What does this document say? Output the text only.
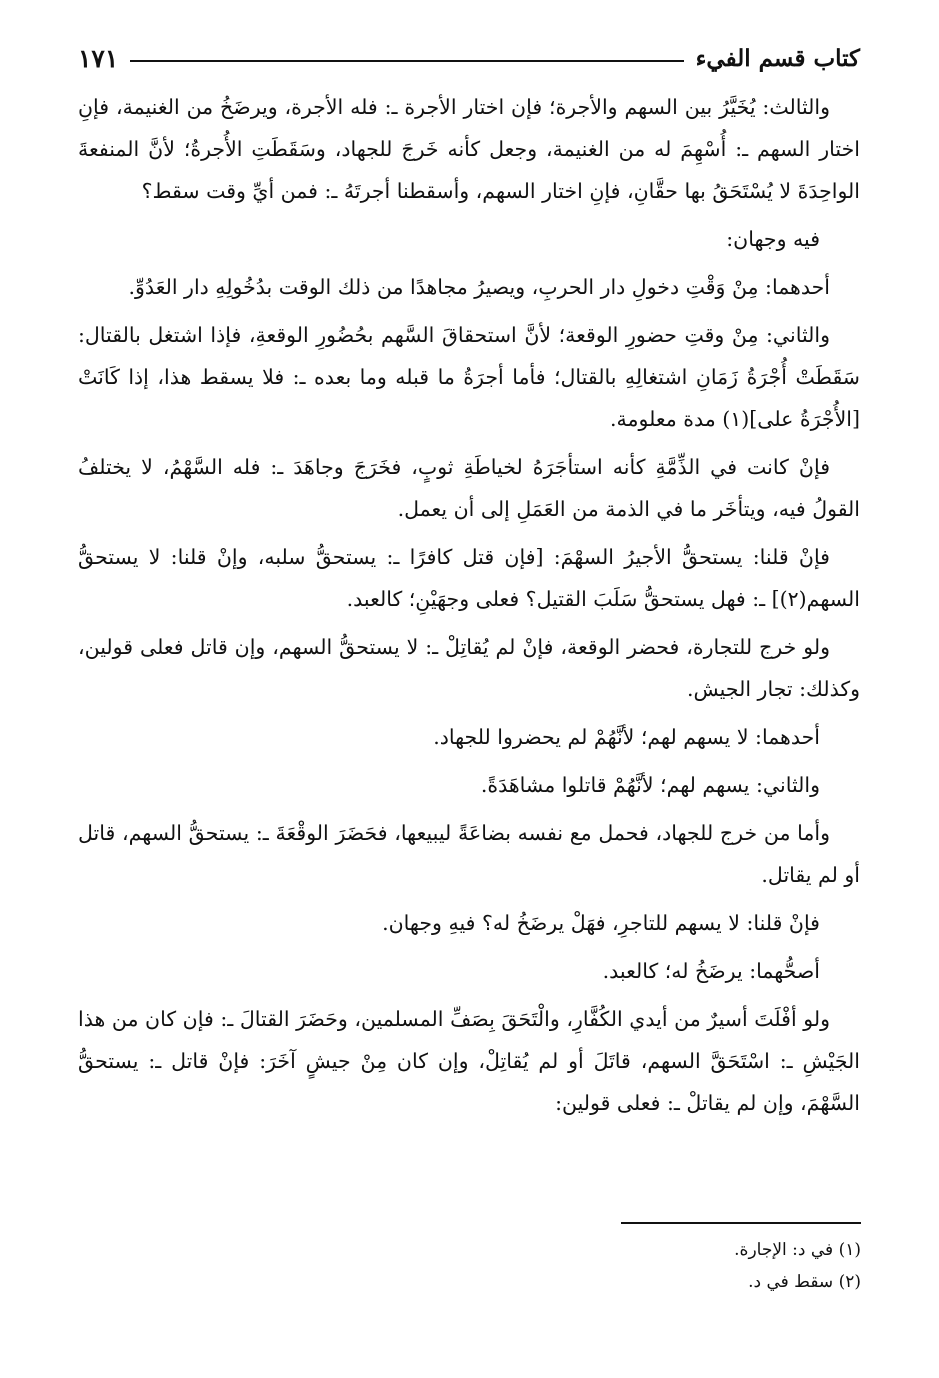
كتاب قسم الفيء
١٧١

والثالث: يُخَيَّرُ بين السهم والأجرة؛ فإن اختار الأجرة ـ: فله الأجرة، ويرضَخُ من الغنيمة، فإنِ اختار السهم ـ: أُسْهِمَ له من الغنيمة، وجعل كأنه خَرجَ للجهاد، وسَقَطَتِ الأُجرةُ؛ لأنَّ المنفعةَ الواحِدَةَ لا يُسْتَحَقُ بها حقَّانِ، فإنِ اختار السهم، وأسقطنا أجرتَهُ ـ: فمن أيِّ وقت سقط؟

فيه وجهان:

أحدهما: مِنْ وَقْتِ دخولِ دار الحربِ، ويصيرُ مجاهدًا من ذلك الوقت بدُخُولِهِ دار العَدُوِّ.

والثاني: مِنْ وقتِ حضورِ الوقعة؛ لأنَّ استحقاقَ السَّهم بحُضُورِ الوقعةِ، فإذا اشتغل بالقتال: سَقَطَتْ أُجْرَةُ زَمَانِ اشتغالِهِ بالقتال؛ فأما أجرَةُ ما قبله وما بعده ـ: فلا يسقط هذا، إذا كَانَتْ [الأُجْرَةُ على](١) مدة معلومة.

فإنْ كانت في الذِّمَّةِ كأنه استأجَرَهُ لخياطَةِ ثوبٍ، فخَرَجَ وجاهَدَ ـ: فله السَّهْمُ، لا يختلفُ القولُ فيه، ويتأخَر ما في الذمة من العَمَلِ إلى أن يعمل.

فإنْ قلنا: يستحقُّ الأجيرُ السهْمَ: [فإن قتل كافرًا ـ: يستحقُّ سلبه، وإنْ قلنا: لا يستحقُّ السهم(٢)] ـ: فهل يستحقُّ سَلَبَ القتيل؟ فعلى وجهَيْنِ؛ كالعبد.

ولو خرج للتجارة، فحضر الوقعة، فإنْ لم يُقاتِلْ ـ: لا يستحقُّ السهم، وإن قاتل فعلى قولين، وكذلك: تجار الجيش.

أحدهما: لا يسهم لهم؛ لأنَّهُمْ لم يحضروا للجهاد.

والثاني: يسهم لهم؛ لأنَّهُمْ قاتلوا مشاهَدَةً.

وأما من خرج للجهاد، فحمل مع نفسه بضاعَةً ليبيعها، فحَضَرَ الوقْعَةَ ـ: يستحقُّ السهم، قاتل أو لم يقاتل.

فإنْ قلنا: لا يسهم للتاجرِ، فهَلْ يرضَخُ له؟ فيهِ وجهان.

أصحُّهما: يرضَخُ له؛ كالعبد.

ولو أفْلَتَ أسيرٌ من أيدي الكُفَّارِ، والْتَحَقَ بِصَفِّ المسلمين، وحَضَرَ القتالَ ـ: فإن كان من هذا الجَيْشِ ـ: اسْتَحَقَّ السهم، قاتَلَ أو لم يُقاتِلْ، وإن كان مِنْ جيشٍ آخَرَ: فإنْ قاتل ـ: يستحقُّ السَّهْمَ، وإن لم يقاتلْ ـ: فعلى قولين:

(١) في د: الإجارة.
(٢) سقط في د.
